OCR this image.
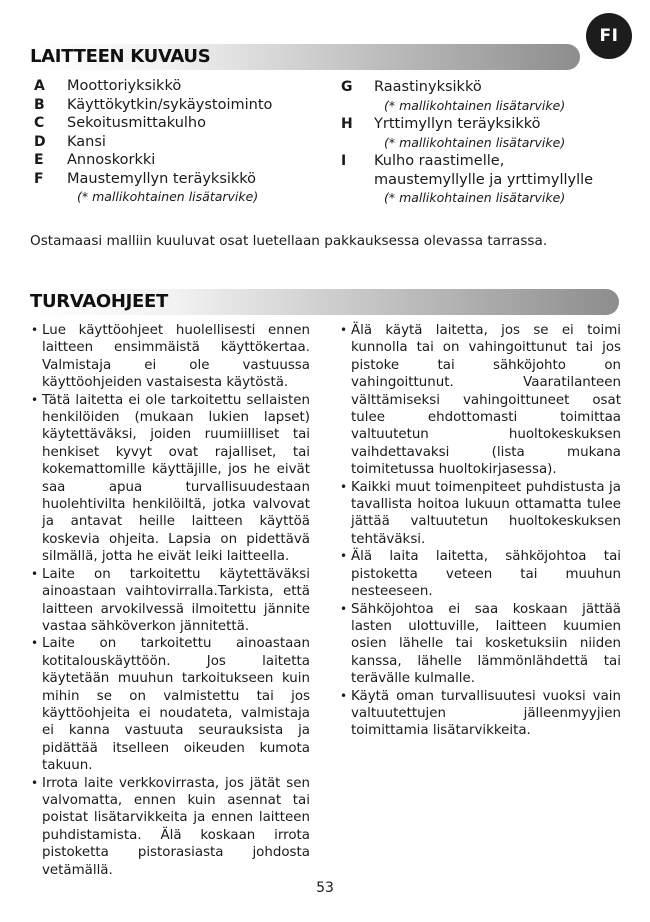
FI
LAITTEEN KUVAUS
A	Moottoriyksikkö
B	Käyttökytkin/sykäystoiminto
C	Sekoitusmittakulho
D	Kansi
E	Annoskorkki
F	Maustemyllyn teräyksikkö
(* mallikohtainen lisätarvike)
G	Raastinyksikkö
(* mallikohtainen lisätarvike)
H	Yrttimyllyn teräyksikkö
(* mallikohtainen lisätarvike)
I	Kulho raastimelle, maustemyllylle ja yrttimyllylle
(* mallikohtainen lisätarvike)
Ostamaasi malliin kuuluvat osat luetellaan pakkauksessa olevassa tarrassa.
TURVAOHJEET
• Lue käyttöohjeet huolellisesti ennen laitteen ensimmäistä käyttökertaa. Valmistaja ei ole vastuussa käyttöohjeiden vastaisesta käytöstä.
• Tätä laitetta ei ole tarkoitettu sellaisten henkilöiden (mukaan lukien lapset) käytettäväksi, joiden ruumiilliset tai henkiset kyvyt ovat rajalliset, tai kokemattomille käyttäjille, jos he eivät saa apua turvallisuudestaan huolehtivilta henkilöiltä, jotka valvovat ja antavat heille laitteen käyttöä koskevia ohjeita. Lapsia on pidettävä silmällä, jotta he eivät leiki laitteella.
• Laite on tarkoitettu käytettäväksi ainoastaan vaihtovirralla.Tarkista, että laitteen arvokilvessä ilmoitettu jännite vastaa sähköverkon jännitettä.
• Laite on tarkoitettu ainoastaan kotitalouskäyttöön. Jos laitetta käytetään muuhun tarkoitukseen kuin mihin se on valmistettu tai jos käyttöohjeita ei noudateta, valmistaja ei kanna vastuuta seurauksista ja pidättää itselleen oikeuden kumota takuun.
• Irrota laite verkkovirrasta, jos jätät sen valvomatta, ennen kuin asennat tai poistat lisätarvikkeita ja ennen laitteen puhdistamista. Älä koskaan irrota pistoketta pistorasiasta johdosta vetämällä.
• Älä käytä laitetta, jos se ei toimi kunnolla tai on vahingoittunut tai jos pistoke tai sähköjohto on vahingoittunut. Vaaratilanteen välttämiseksi vahingoittuneet osat tulee ehdottomasti toimittaa valtuutetun huoltokeskuksen vaihdettavaksi (lista mukana toimitetussa huoltokirjasessa).
• Kaikki muut toimenpiteet puhdistusta ja tavallista hoitoa lukuun ottamatta tulee jättää valtuutetun huoltokeskuksen tehtäväksi.
• Älä laita laitetta, sähköjohtoa tai pistoketta veteen tai muuhun nesteeseen.
• Sähköjohtoa ei saa koskaan jättää lasten ulottuville, laitteen kuumien osien lähelle tai kosketuksiin niiden kanssa, lähelle lämmönlähdettä tai terävälle kulmalle.
• Käytä oman turvallisuutesi vuoksi vain valtuutettujen jälleenmyyjien toimittamia lisätarvikkeita.
53
